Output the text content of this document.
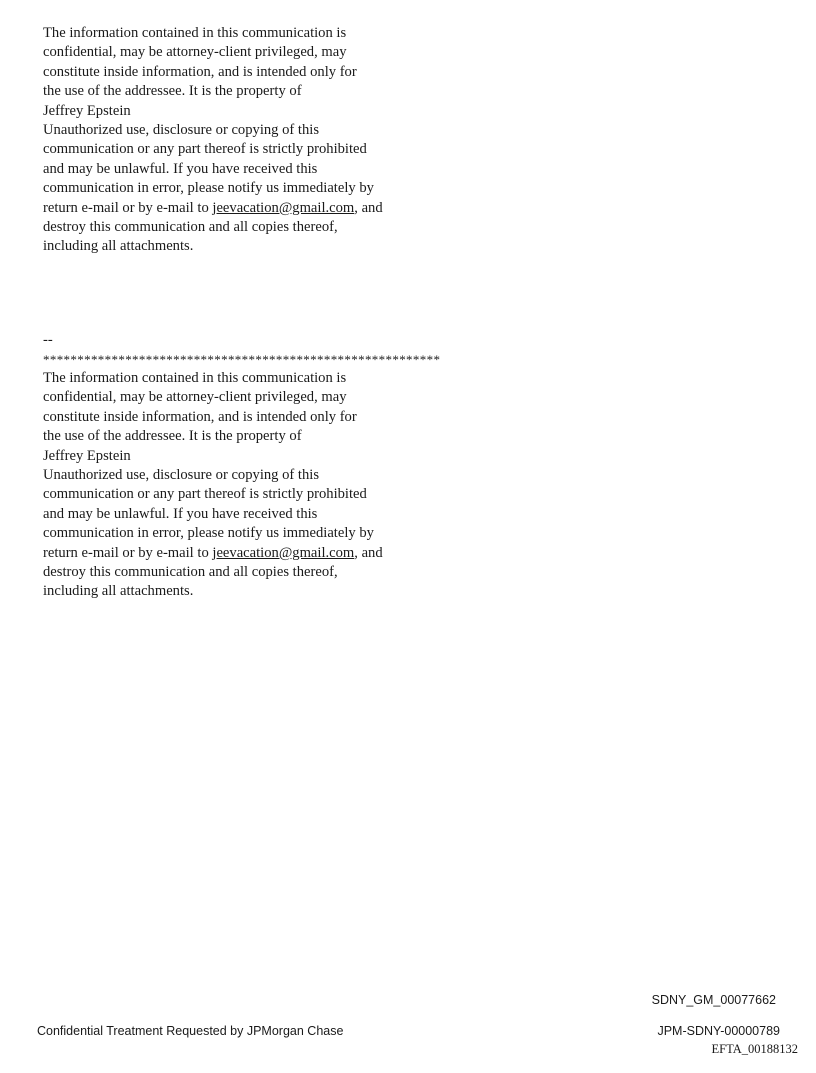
The information contained in this communication is
confidential, may be attorney-client privileged, may
constitute inside information, and is intended only for
the use of the addressee. It is the property of
Jeffrey Epstein
Unauthorized use, disclosure or copying of this
communication or any part thereof is strictly prohibited
and may be unlawful. If you have received this
communication in error, please notify us immediately by
return e-mail or by e-mail to jeevacation@gmail.com, and
destroy this communication and all copies thereof,
including all attachments.
--
**********************************************************
The information contained in this communication is
confidential, may be attorney-client privileged, may
constitute inside information, and is intended only for
the use of the addressee. It is the property of
Jeffrey Epstein
Unauthorized use, disclosure or copying of this
communication or any part thereof is strictly prohibited
and may be unlawful. If you have received this
communication in error, please notify us immediately by
return e-mail or by e-mail to jeevacation@gmail.com, and
destroy this communication and all copies thereof,
including all attachments.
SDNY_GM_00077662
Confidential Treatment Requested by JPMorgan Chase	JPM-SDNY-00000789
EFTA_00188132
